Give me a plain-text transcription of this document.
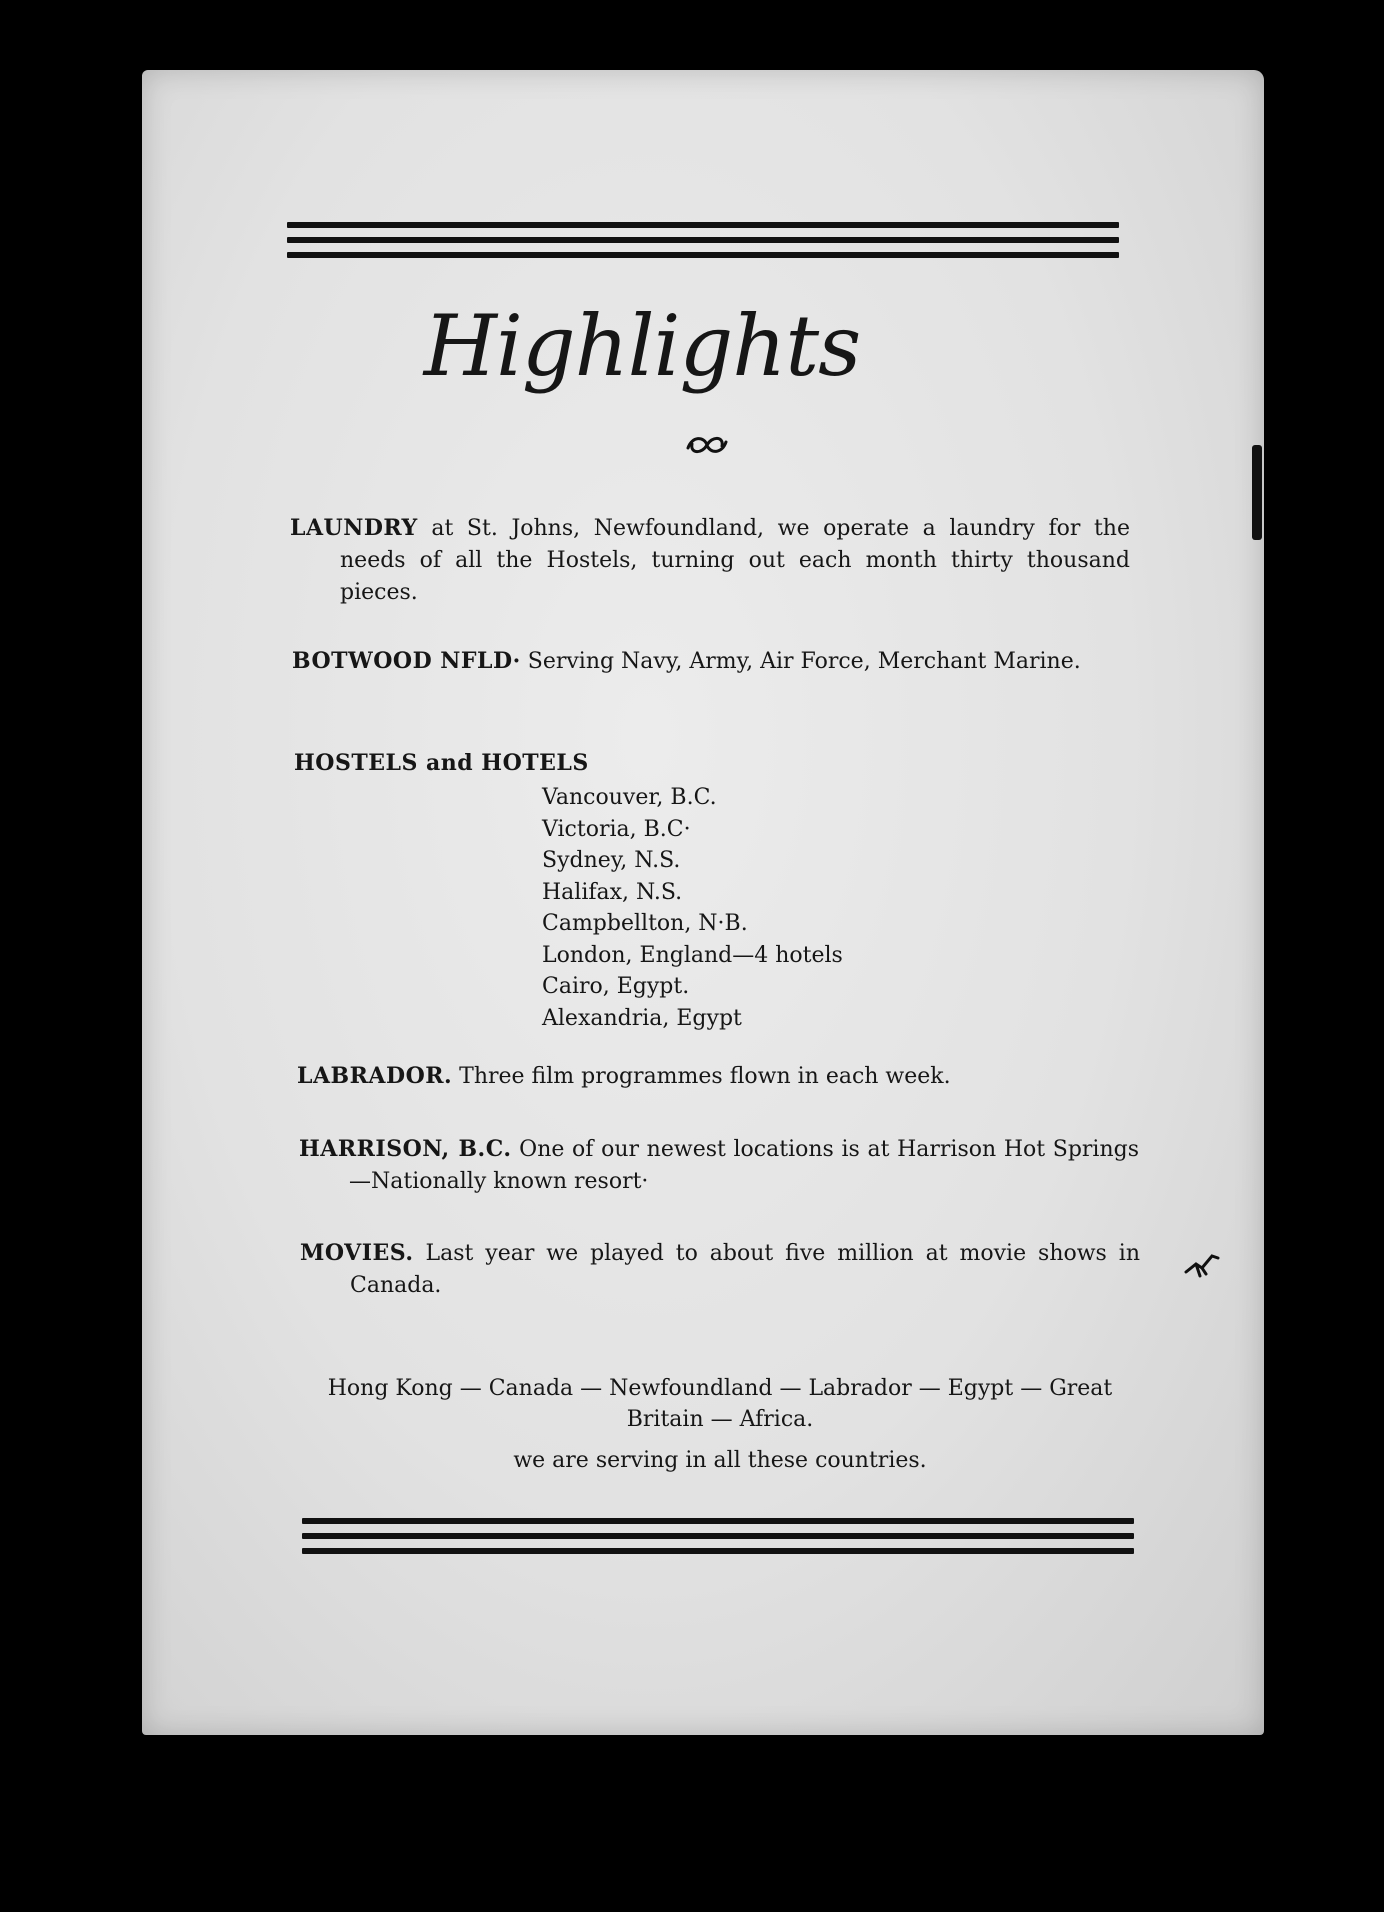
Highlights
LAUNDRY at St. Johns, Newfoundland, we operate a laundry for the needs of all the Hostels, turning out each month thirty thousand pieces.
BOTWOOD NFLD· Serving Navy, Army, Air Force, Merchant Marine.
HOSTELS and HOTELS
Vancouver, B.C.
Victoria, B.C·
Sydney, N.S.
Halifax, N.S.
Campbellton, N·B.
London, England—4 hotels
Cairo, Egypt.
Alexandria, Egypt
LABRADOR. Three film programmes flown in each week.
HARRISON, B.C. One of our newest locations is at Harrison Hot Springs—Nationally known resort·
MOVIES. Last year we played to about five million at movie shows in Canada.
Hong Kong — Canada — Newfoundland — Labrador — Egypt — Great Britain — Africa.
we are serving in all these countries.
